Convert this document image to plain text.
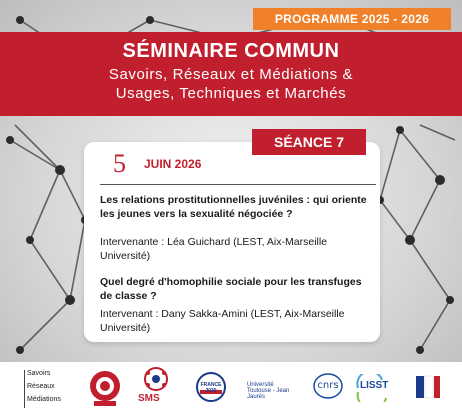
PROGRAMME 2025 - 2026
SÉMINAIRE COMMUN
Savoirs, Réseaux et Médiations &
Usages, Techniques et Marchés
SÉANCE 7
5 JUIN 2026
Les relations prostitutionnelles juvéniles : qui oriente les jeunes vers la sexualité négociée ?
Intervenante : Léa Guichard (LEST, Aix-Marseille Université)
Quel degré d'homophilie sociale pour les transfuges de classe ?
Intervenant : Dany Sakka-Amini (LEST, Aix-Marseille Université)
Savoirs
Réseaux
Médiations	SMS
FRANCE 2030
Université Toulouse - Jean Jaurès
cnrs	LISST
